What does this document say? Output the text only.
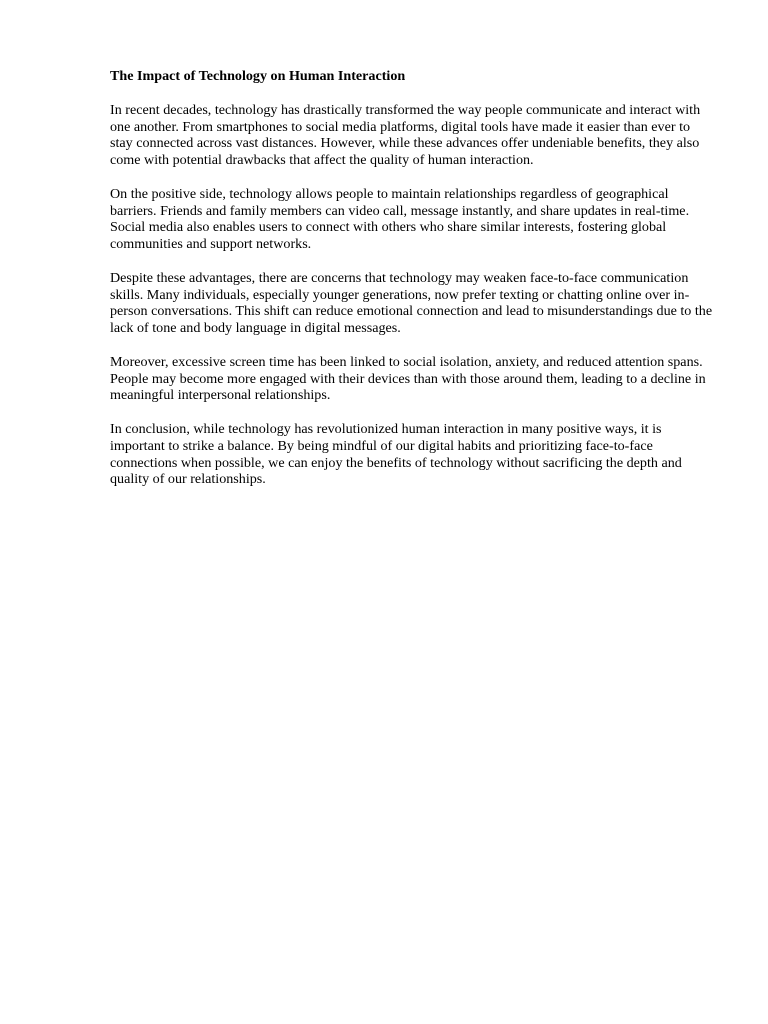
The Impact of Technology on Human Interaction

In recent decades, technology has drastically transformed the way people communicate and interact with one another. From smartphones to social media platforms, digital tools have made it easier than ever to stay connected across vast distances. However, while these advances offer undeniable benefits, they also come with potential drawbacks that affect the quality of human interaction.

On the positive side, technology allows people to maintain relationships regardless of geographical barriers. Friends and family members can video call, message instantly, and share updates in real-time. Social media also enables users to connect with others who share similar interests, fostering global communities and support networks.

Despite these advantages, there are concerns that technology may weaken face-to-face communication skills. Many individuals, especially younger generations, now prefer texting or chatting online over in-person conversations. This shift can reduce emotional connection and lead to misunderstandings due to the lack of tone and body language in digital messages.

Moreover, excessive screen time has been linked to social isolation, anxiety, and reduced attention spans. People may become more engaged with their devices than with those around them, leading to a decline in meaningful interpersonal relationships.

In conclusion, while technology has revolutionized human interaction in many positive ways, it is important to strike a balance. By being mindful of our digital habits and prioritizing face-to-face connections when possible, we can enjoy the benefits of technology without sacrificing the depth and quality of our relationships.
